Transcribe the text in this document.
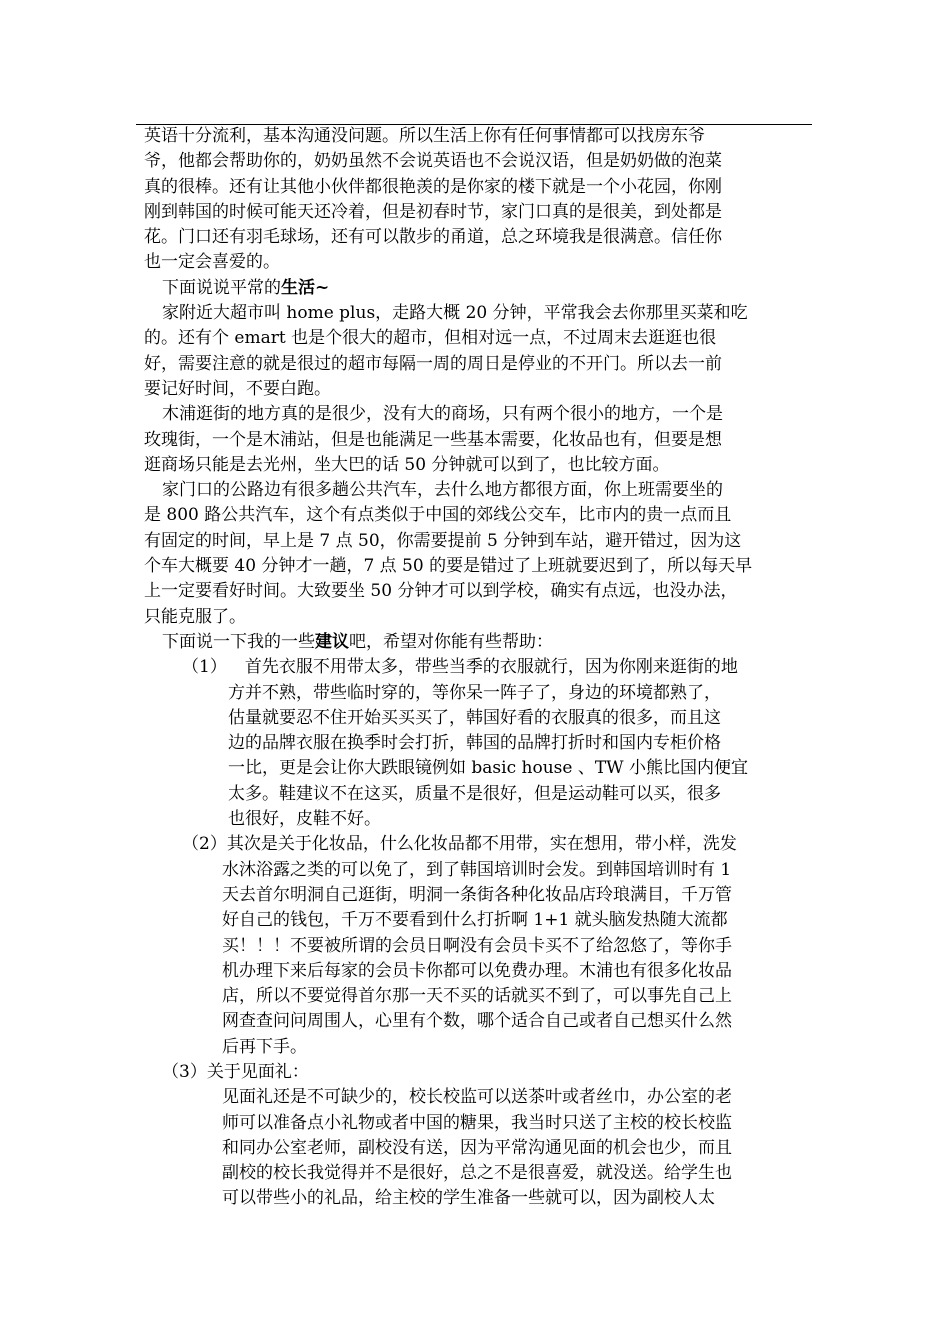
英语十分流利，基本沟通没问题。所以生活上你有任何事情都可以找房东爷
爷，他都会帮助你的，奶奶虽然不会说英语也不会说汉语，但是奶奶做的泡菜
真的很棒。还有让其他小伙伴都很艳羡的是你家的楼下就是一个小花园，你刚
刚到韩国的时候可能天还冷着，但是初春时节，家门口真的是很美，到处都是
花。门口还有羽毛球场，还有可以散步的甬道，总之环境我是很满意。信任你
也一定会喜爱的。
下面说说平常的生活~
家附近大超市叫 home plus，走路大概 20 分钟，平常我会去你那里买菜和吃
的。还有个 emart 也是个很大的超市，但相对远一点，不过周末去逛逛也很
好，需要注意的就是很过的超市每隔一周的周日是停业的不开门。所以去一前
要记好时间，不要白跑。
木浦逛街的地方真的是很少，没有大的商场，只有两个很小的地方，一个是
玫瑰街，一个是木浦站，但是也能满足一些基本需要，化妆品也有，但要是想
逛商场只能是去光州，坐大巴的话 50 分钟就可以到了，也比较方面。
家门口的公路边有很多趟公共汽车，去什么地方都很方面，你上班需要坐的
是 800 路公共汽车，这个有点类似于中国的郊线公交车，比市内的贵一点而且
有固定的时间，早上是 7 点 50，你需要提前 5 分钟到车站，避开错过，因为这
个车大概要 40 分钟才一趟，7 点 50 的要是错过了上班就要迟到了，所以每天早
上一定要看好时间。大致要坐 50 分钟才可以到学校，确实有点远，也没办法，
只能克服了。
下面说一下我的一些建议吧，希望对你能有些帮助：
（1） 首先衣服不用带太多，带些当季的衣服就行，因为你刚来逛街的地
方并不熟，带些临时穿的，等你呆一阵子了，身边的环境都熟了，
估量就要忍不住开始买买买了，韩国好看的衣服真的很多，而且这
边的品牌衣服在换季时会打折，韩国的品牌打折时和国内专柜价格
一比，更是会让你大跌眼镜例如 basic house 、TW 小熊比国内便宜
太多。鞋建议不在这买，质量不是很好，但是运动鞋可以买，很多
也很好，皮鞋不好。
（2）其次是关于化妆品，什么化妆品都不用带，实在想用，带小样，洗发
水沐浴露之类的可以免了，到了韩国培训时会发。到韩国培训时有 1
天去首尔明洞自己逛街，明洞一条街各种化妆品店玲琅满目，千万管
好自己的钱包，千万不要看到什么打折啊 1+1 就头脑发热随大流都
买！！！不要被所谓的会员日啊没有会员卡买不了给忽悠了，等你手
机办理下来后每家的会员卡你都可以免费办理。木浦也有很多化妆品
店，所以不要觉得首尔那一天不买的话就买不到了，可以事先自己上
网查查问问周围人，心里有个数，哪个适合自己或者自己想买什么然
后再下手。
（3）关于见面礼：
见面礼还是不可缺少的，校长校监可以送茶叶或者丝巾，办公室的老
师可以准备点小礼物或者中国的糖果，我当时只送了主校的校长校监
和同办公室老师，副校没有送，因为平常沟通见面的机会也少，而且
副校的校长我觉得并不是很好，总之不是很喜爱，就没送。给学生也
可以带些小的礼品，给主校的学生准备一些就可以，因为副校人太
